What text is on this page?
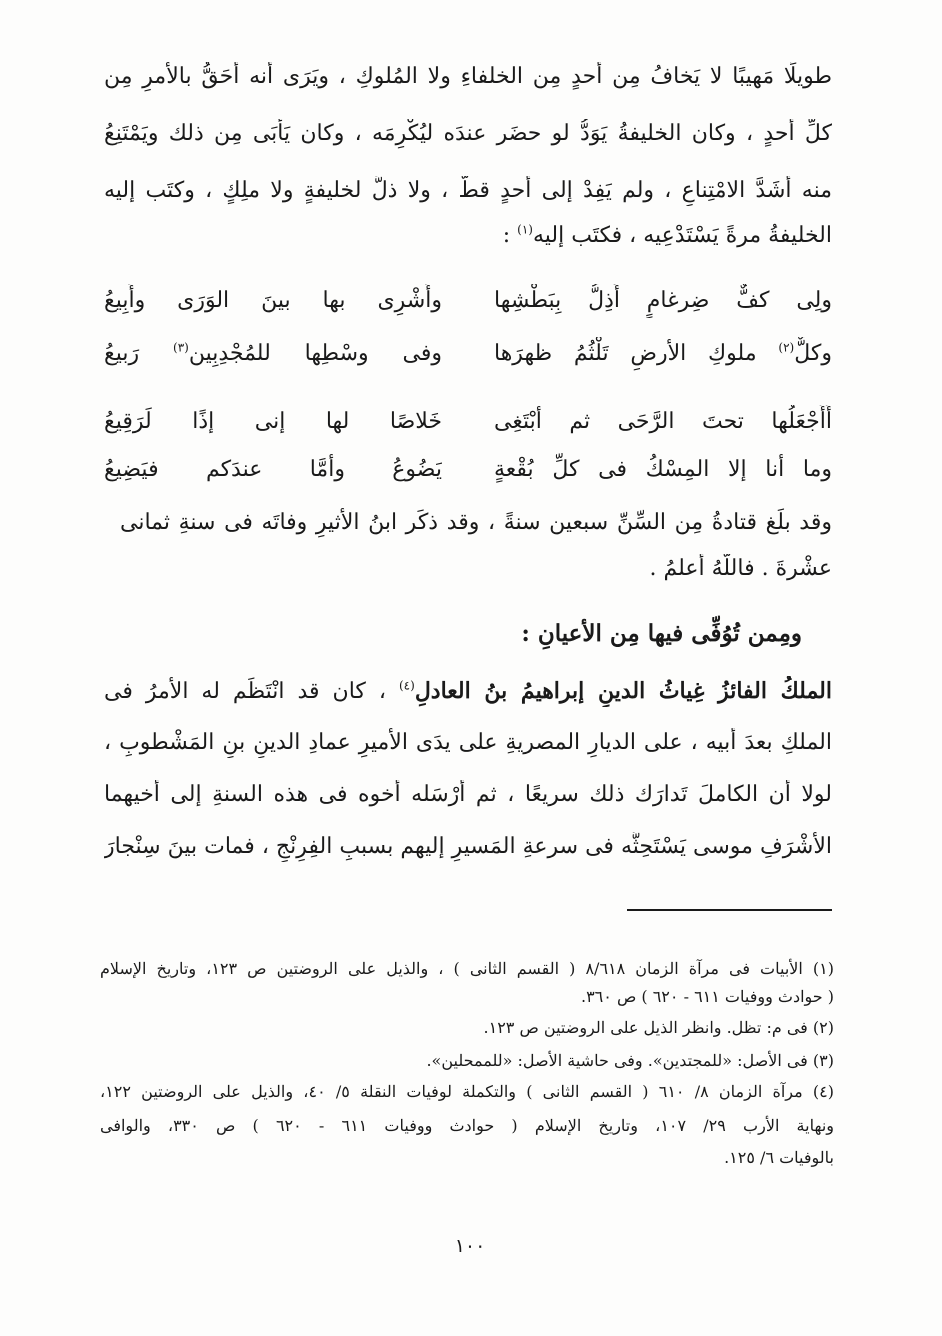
طويلًا مَهيبًا لا يَخافُ مِن أحدٍ مِن الخلفاءِ ولا المُلوكِ ، ويَرَى أنه أحَقُّ بالأمرِ مِن
كلِّ أحدٍ ، وكان الخليفةُ يَوَدُّ لو حضَر عندَه ليُكْرِمَه ، وكان يَأْبَى مِن ذلك ويَمْتَنِعُ
منه أشَدَّ الامْتِناعِ ، ولم يَفِدْ إلى أحدٍ قطُّ ، ولا ذلَّ لخليفةٍ ولا ملِكٍ ، وكتَب إليه
الخليفةُ مرةً يَسْتَدْعِيه ، فكتَب إليه$^{(١)}$ :
ولِى كفٌّ ضِرغامٍ أُذِلُّ بِبَطْشِها
وأَشْرِى بها بينَ الوَرَى وأَبِيعُ
وكلٌّ$^{(٢)}$ ملوكِ الأرضِ تَلْثُمُ ظهرَها
وفى وسْطِها للمُجْدِبِين$^{(٣)}$ رَبيعُ
أَأَجْعَلُها تحتَ الرَّحَى ثم أبْتَغِى
خَلاصًا لها إنى إذًا لَرَقِيعُ
وما أنا إلا المِسْكُ فى كلِّ بُقْعةٍ
يَضُوعُ وأمَّا عندَكم فيَضِيعُ
وقد بلَغ قتادةُ مِن السِّنِّ سبعين سنةً ، وقد ذكَر ابنُ الأثيرِ وفاتَه فى سنةِ ثمانى
عشْرةَ . فاللَّهُ أعلمُ .
ومِمن تُوُفِّى فيها مِن الأعيانِ :
الملكُ الفائزُ غِياثُ الدينِ إبراهيمُ بنُ العادلِ$^{(٤)}$ ، كان قد انْتَظَم له الأمرُ فى
الملكِ بعدَ أبيه ، على الديارِ المصريةِ على يدَى الأميرِ عمادِ الدينِ بنِ المَشْطوبِ ،
لولا أن الكاملَ تَدارَك ذلك سريعًا ، ثم أرْسَله أخوه فى هذه السنةِ إلى أخيهما
الأشْرَفِ موسى يَسْتَحِثُّه فى سرعةِ المَسيرِ إليهم بسببِ الفِرِنْجِ ، فمات بينَ سِنْجارَ
(١) الأبيات فى مرآة الزمان ٨/٦١٨ ( القسم الثانى ) ، والذيل على الروضتين ص ١٢٣، وتاريخ الإسلام
( حوادث ووفيات ٦١١ - ٦٢٠ ) ص ٣٦٠.
(٢) فى م: تظل. وانظر الذيل على الروضتين ص ١٢٣.
(٣) فى الأصل: «للمجتدين». وفى حاشية الأصل: «للممحلين».
(٤) مرآة الزمان ٨/ ٦١٠ ( القسم الثانى ) والتكملة لوفيات النقلة ٥/ ٤٠، والذيل على الروضتين ١٢٢،
ونهاية الأرب ٢٩/ ١٠٧، وتاريخ الإسلام ( حوادث ووفيات ٦١١ - ٦٢٠ ) ص ٣٣٠، والوافى
بالوفيات ٦/ ١٢٥.
١٠٠
